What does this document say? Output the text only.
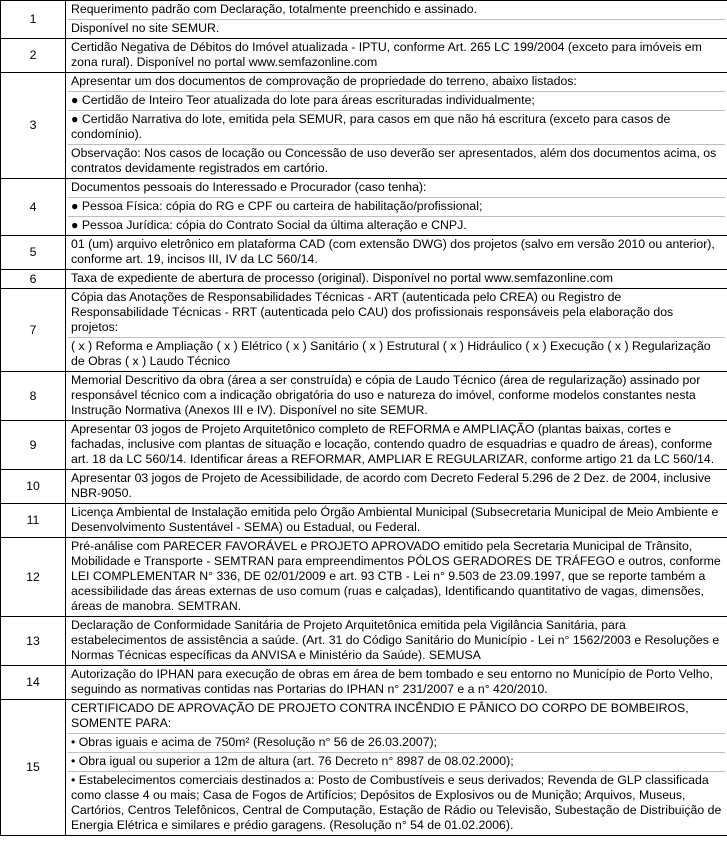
1	Requerimento padrão com Declaração, totalmente preenchido e assinado.
Disponível no site SEMUR.

2	Certidão Negativa de Débitos do Imóvel atualizada - IPTU, conforme Art. 265 LC 199/2004 (exceto para imóveis em zona rural). Disponível no portal www.semfazonline.com

3	Apresentar um dos documentos de comprovação de propriedade do terreno, abaixo listados:
● Certidão de Inteiro Teor atualizada do lote para áreas escrituradas individualmente;
● Certidão Narrativa do lote, emitida pela SEMUR, para casos em que não há escritura (exceto para casos de condomínio).
Observação: Nos casos de locação ou Concessão de uso deverão ser apresentados, além dos documentos acima, os contratos devidamente registrados em cartório.

4	Documentos pessoais do Interessado e Procurador (caso tenha):
● Pessoa Física: cópia do RG e CPF ou carteira de habilitação/profissional;
● Pessoa Jurídica: cópia do Contrato Social da última alteração e CNPJ.

5	01 (um) arquivo eletrônico em plataforma CAD (com extensão DWG) dos projetos (salvo em versão 2010 ou anterior), conforme art. 19, incisos III, IV da LC 560/14.

6	Taxa de expediente de abertura de processo (original). Disponível no portal www.semfazonline.com

7	Cópia das Anotações de Responsabilidades Técnicas - ART (autenticada pelo CREA) ou Registro de Responsabilidade Técnicas - RRT (autenticada pelo CAU) dos profissionais responsáveis pela elaboração dos projetos:
( x ) Reforma e Ampliação ( x ) Elétrico ( x ) Sanitário ( x ) Estrutural ( x ) Hidráulico ( x ) Execução ( x ) Regularização de Obras ( x ) Laudo Técnico

8	Memorial Descritivo da obra (área a ser construída) e cópia de Laudo Técnico (área de regularização) assinado por responsável técnico com a indicação obrigatória do uso e natureza do imóvel, conforme modelos constantes nesta Instrução Normativa (Anexos III e IV). Disponível no site SEMUR.

9	Apresentar 03 jogos de Projeto Arquitetônico completo de REFORMA e AMPLIAÇÃO (plantas baixas, cortes e fachadas, inclusive com plantas de situação e locação, contendo quadro de esquadrias e quadro de áreas), conforme art. 18 da LC 560/14. Identificar áreas a REFORMAR, AMPLIAR E REGULARIZAR, conforme artigo 21 da LC 560/14.

10	Apresentar 03 jogos de Projeto de Acessibilidade, de acordo com Decreto Federal 5.296 de 2 Dez. de 2004, inclusive NBR-9050.

11	Licença Ambiental de Instalação emitida pelo Órgão Ambiental Municipal (Subsecretaria Municipal de Meio Ambiente e Desenvolvimento Sustentável - SEMA) ou Estadual, ou Federal.

12	Pré-análise com PARECER FAVORÁVEL e PROJETO APROVADO emitido pela Secretaria Municipal de Trânsito, Mobilidade e Transporte - SEMTRAN para empreendimentos PÓLOS GERADORES DE TRÁFEGO e outros, conforme LEI COMPLEMENTAR N° 336, DE 02/01/2009 e art. 93 CTB - Lei n° 9.503 de 23.09.1997, que se reporte também a acessibilidade das áreas externas de uso comum (ruas e calçadas), Identificando quantitativo de vagas, dimensões, áreas de manobra. SEMTRAN.

13	Declaração de Conformidade Sanitária de Projeto Arquitetônica emitida pela Vigilância Sanitária, para estabelecimentos de assistência a saúde. (Art. 31 do Código Sanitário do Município - Lei n° 1562/2003 e Resoluções e Normas Técnicas específicas da ANVISA e Ministério da Saúde). SEMUSA

14	Autorização do IPHAN para execução de obras em área de bem tombado e seu entorno no Município de Porto Velho, seguindo as normativas contidas nas Portarias do IPHAN n° 231/2007 e a n° 420/2010.

15	CERTIFICADO DE APROVAÇÃO DE PROJETO CONTRA INCÊNDIO E PÂNICO DO CORPO DE BOMBEIROS, SOMENTE PARA:
• Obras iguais e acima de 750m² (Resolução n° 56 de 26.03.2007);
• Obra igual ou superior a 12m de altura (art. 76 Decreto n° 8987 de 08.02.2000);
• Estabelecimentos comerciais destinados a: Posto de Combustíveis e seus derivados; Revenda de GLP classificada como classe 4 ou mais; Casa de Fogos de Artifícios; Depósitos de Explosivos ou de Munição; Arquivos, Museus, Cartórios, Centros Telefônicos, Central de Computação, Estação de Rádio ou Televisão, Subestação de Distribuição de Energia Elétrica e similares e prédio garagens. (Resolução n° 54 de 01.02.2006).
